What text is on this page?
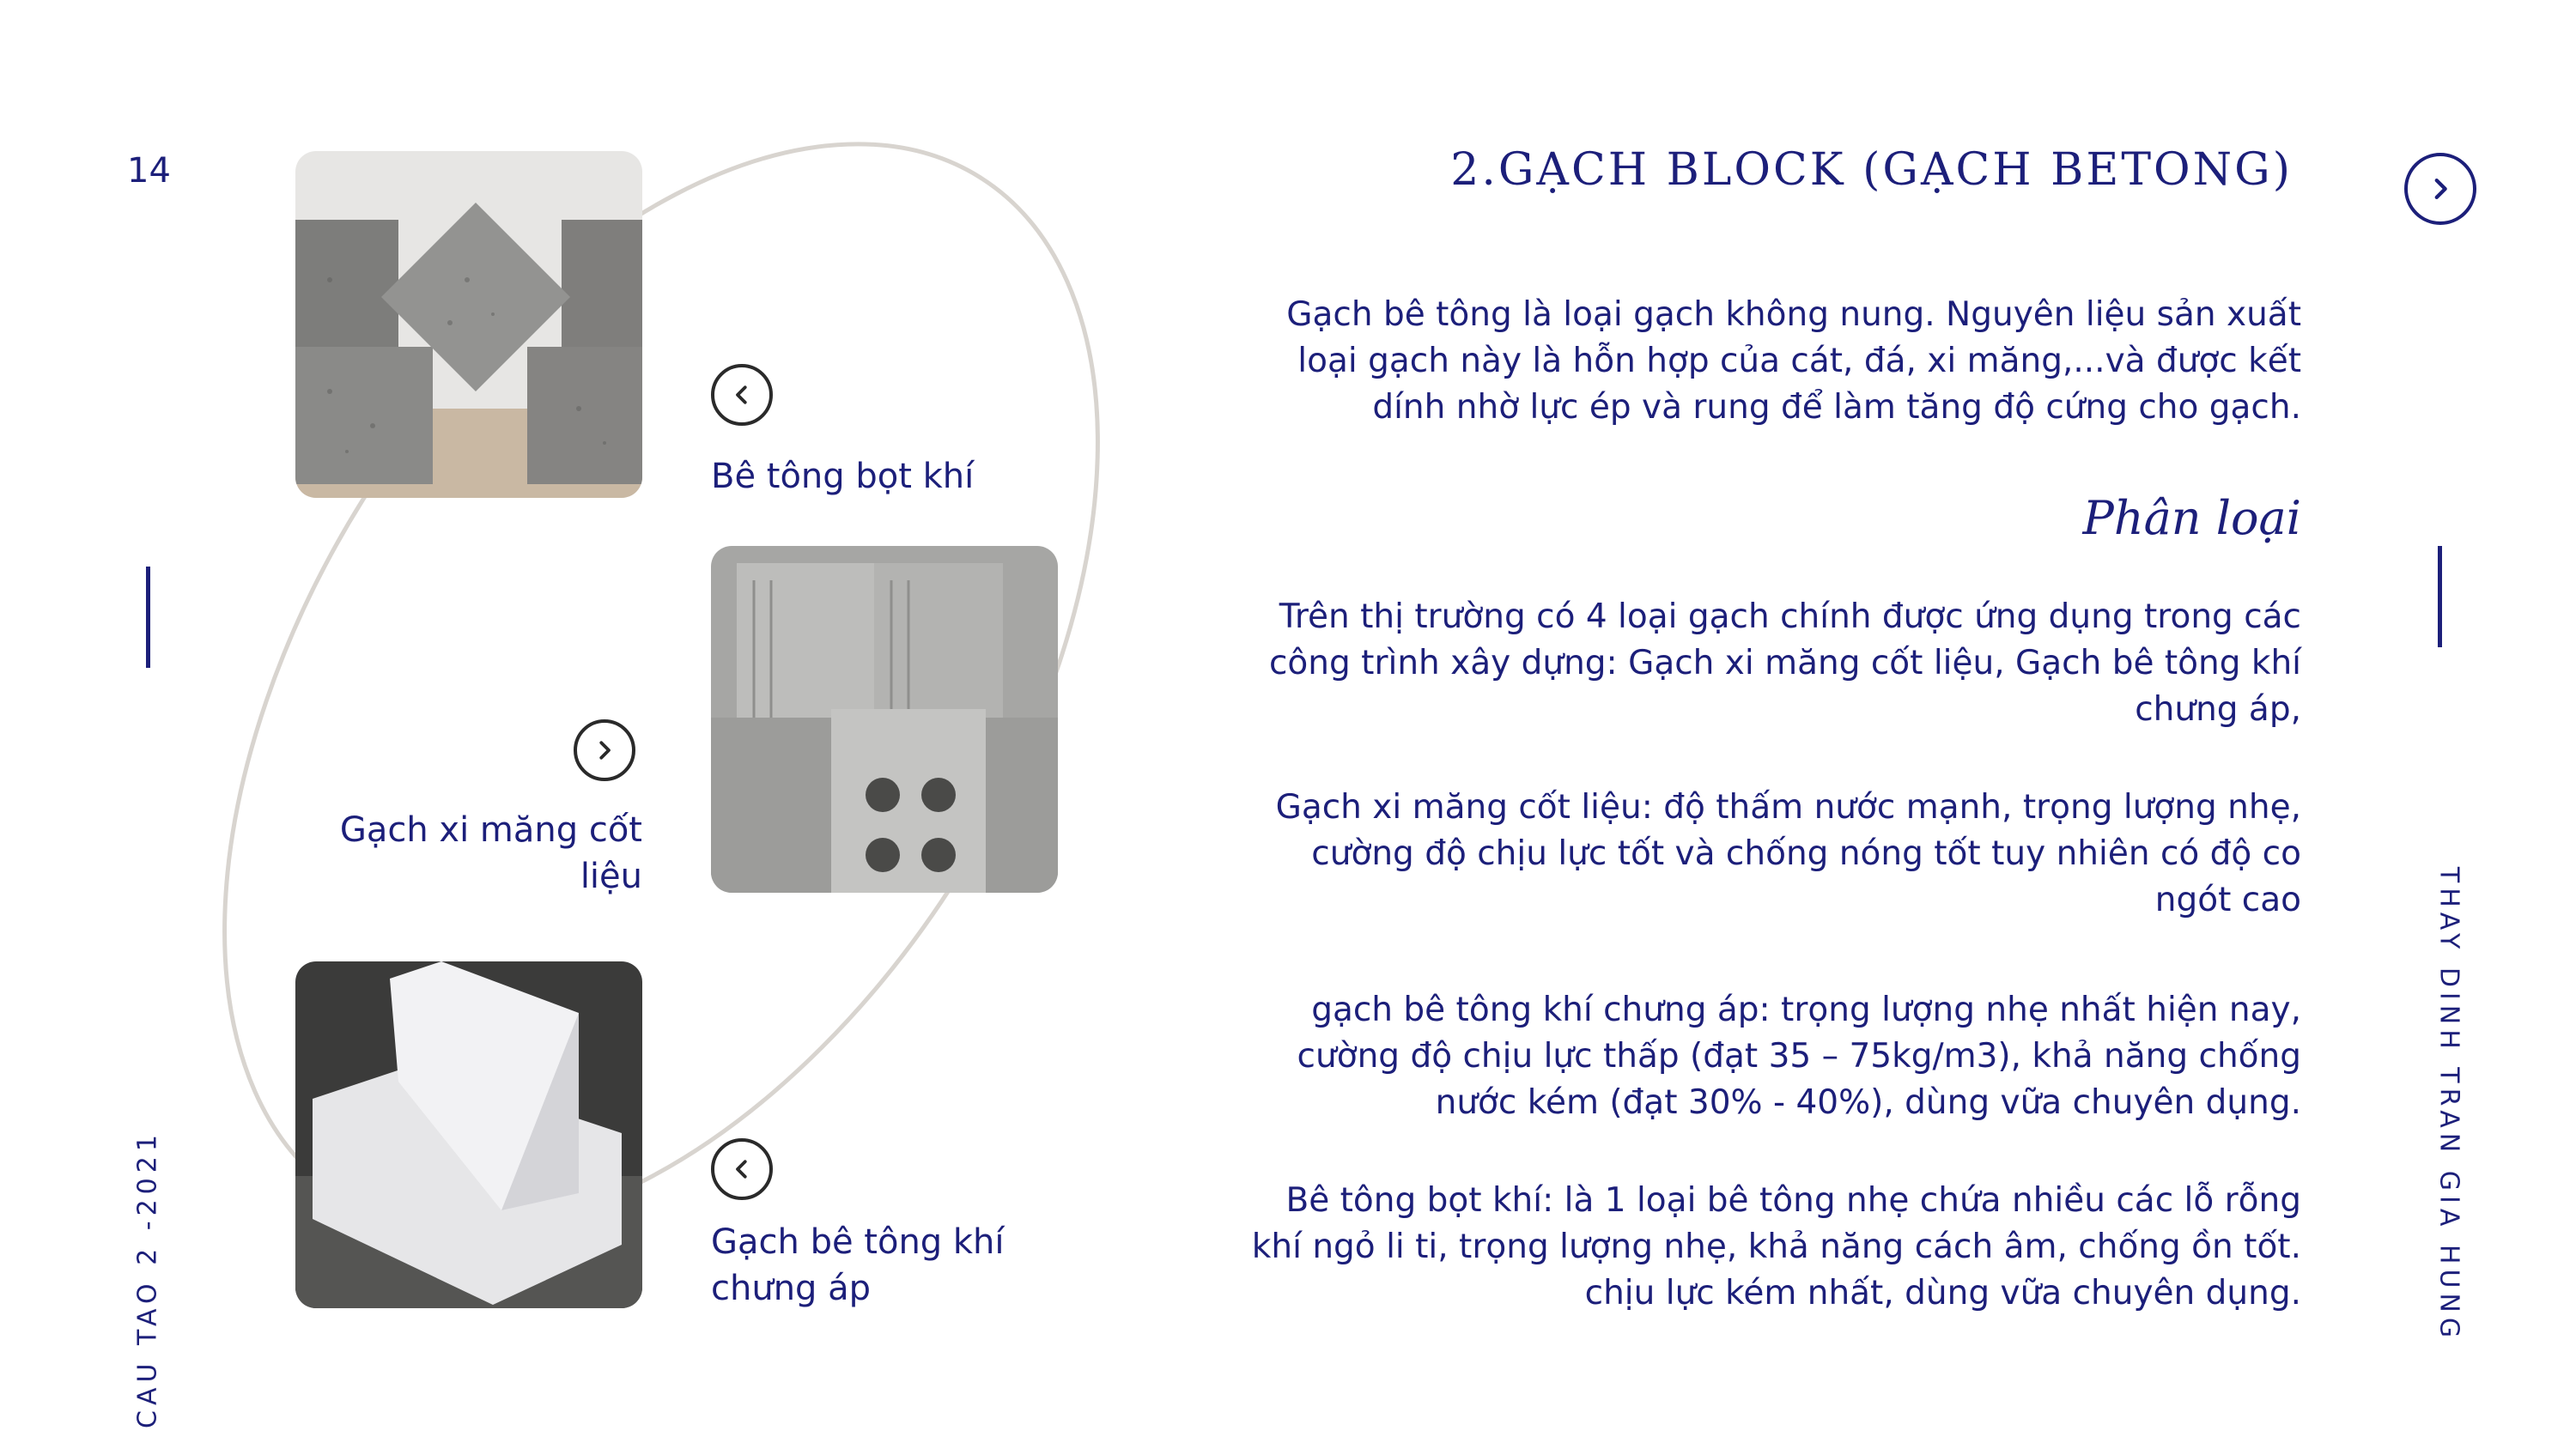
14
CAU TAO 2 -2021
Bê tông bọt khí
Gạch xi măng cốt
liệu
Gạch bê tông khí
chưng áp
2.GẠCH BLOCK (GẠCH BETONG)
Gạch bê tông là loại gạch không nung. Nguyên liệu sản xuất
loại gạch này là hỗn hợp của cát, đá, xi măng,...và được kết
dính nhờ lực ép và rung để làm tăng độ cứng cho gạch.
Phân loại
Trên thị trường có 4 loại gạch chính được ứng dụng trong các
công trình xây dựng: Gạch xi măng cốt liệu, Gạch bê tông khí
chưng áp,
Gạch xi măng cốt liệu: độ thấm nước mạnh, trọng lượng nhẹ,
cường độ chịu lực tốt và chống nóng tốt tuy nhiên có độ co
ngót cao
gạch bê tông khí chưng áp: trọng lượng nhẹ nhất hiện nay,
cường độ chịu lực thấp (đạt 35 – 75kg/m3), khả năng chống
nước kém (đạt 30% - 40%), dùng vữa chuyên dụng.
Bê tông bọt khí: là 1 loại bê tông nhẹ chứa nhiều các lỗ rỗng
khí ngỏ li ti, trọng lượng nhẹ, khả năng cách âm, chống ồn tốt.
chịu lực kém nhất, dùng vữa chuyên dụng.	THAY DINH TRAN GIA HUNG
